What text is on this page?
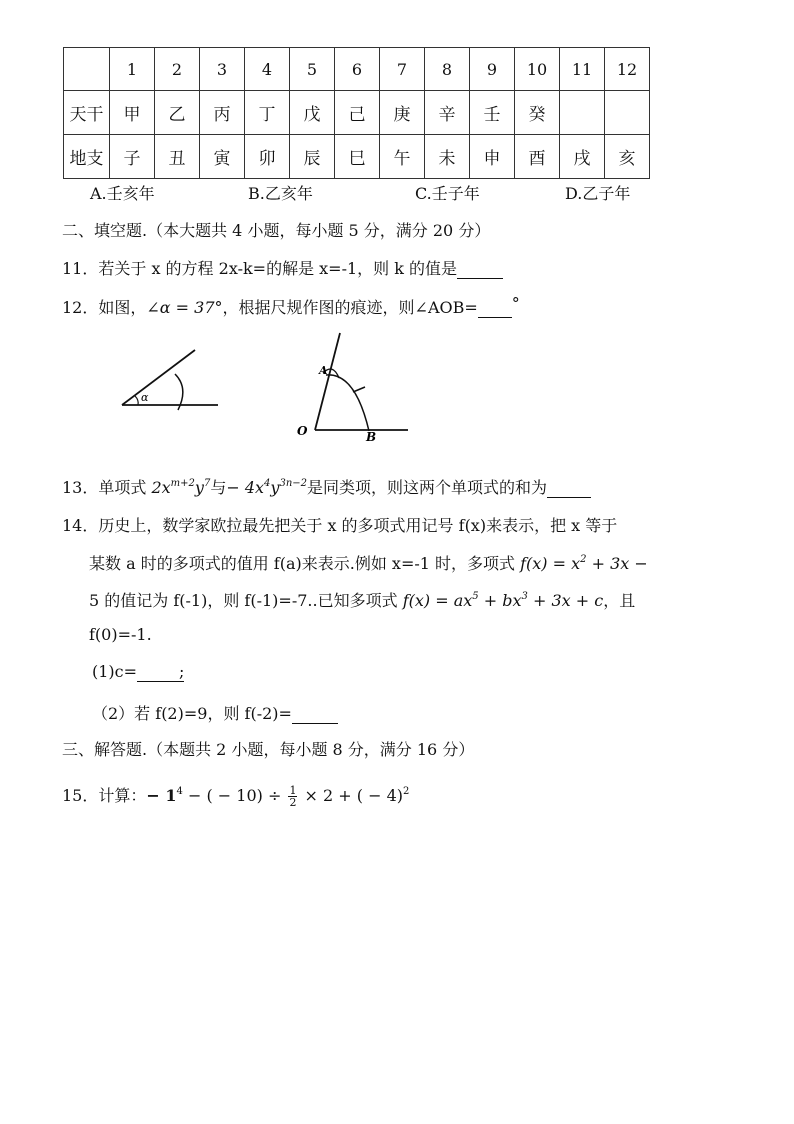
	1	2	3	4	5	6	7	8	9	10	11	12
天干	甲	乙	丙	丁	戊	己	庚	辛	壬	癸		
地支	子	丑	寅	卯	辰	巳	午	未	申	酉	戌	亥
A.壬亥年	B.乙亥年	C.壬子年	D.乙子年
二、填空题.（本大题共 4 小题，每小题 5 分，满分 20 分）
11．若关于 x 的方程 2x-k=的解是 x=-1，则 k 的值是
12．如图，∠α = 37°，根据尺规作图的痕迹，则∠AOB= °
α
O
A
B
13．单项式 $2x^{m+2}y^7$与− $4x^4y^{3n-2}$是同类项，则这两个单项式的和为
14．历史上，数学家欧拉最先把关于 x 的多项式用记号 f(x)来表示，把 x 等于
某数 a 时的多项式的值用 f(a)来表示.例如 x=-1 时，多项式 $f(x) = x^2 + 3x$ −
5 的值记为 f(-1)，则 f(-1)=-7..已知多项式 $f(x) = ax^5 + bx^3 + 3x + c$，且
f(0)=-1.
(1)c=	;
（2）若 f(2)=9，则 f(-2)=
三、解答题.（本题共 2 小题，每小题 8 分，满分 16 分）
15．计算：− $1^4$ − ( − $10) \div \frac{1}{2} \times 2$ + ( − 4)$^2$
